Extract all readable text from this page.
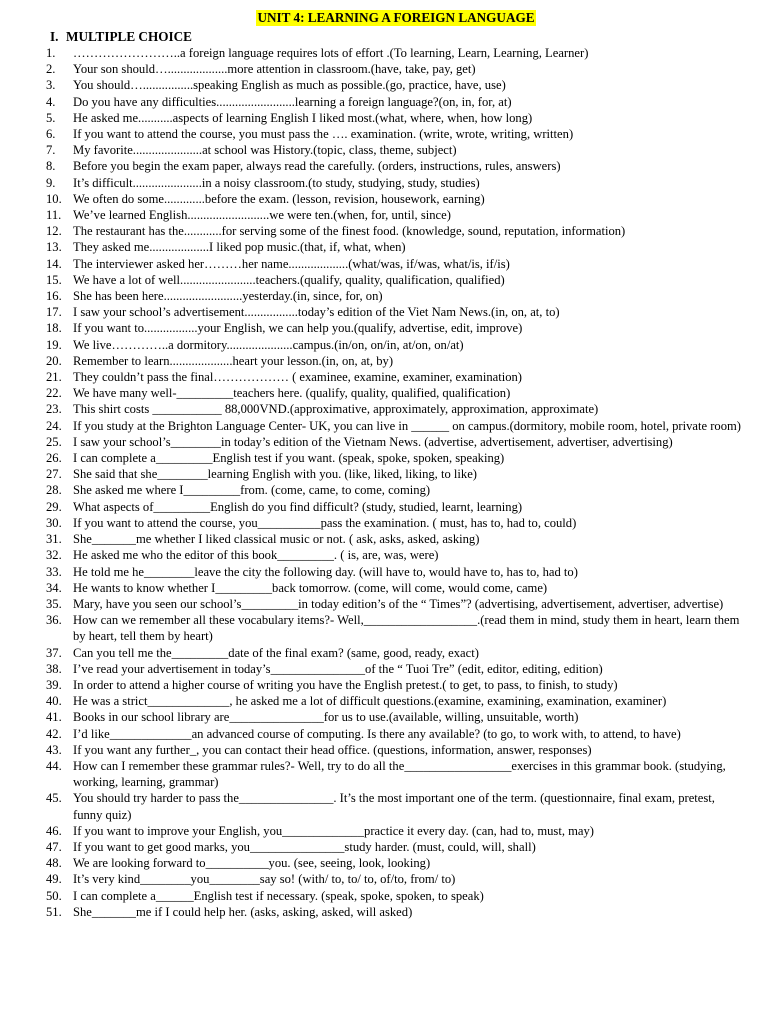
UNIT 4: LEARNING A FOREIGN LANGUAGE
I. MULTIPLE CHOICE
1. ……………………..a foreign language requires lots of effort .(To learning, Learn, Learning, Learner)
2. Your son should…...................more attention in classroom.(have, take, pay, get)
3. You should…................speaking English as much as possible.(go, practice, have, use)
4. Do you have any difficulties.........................learning a foreign language?(on, in, for, at)
5. He asked me...........aspects of learning English I liked most.(what, where, when, how long)
6. If you want to attend the course, you must pass the …. examination. (write, wrote, writing, written)
7. My favorite......................at school was History.(topic, class, theme, subject)
8. Before you begin the exam paper, always read the carefully. (orders, instructions, rules, answers)
9. It’s difficult......................in a noisy classroom.(to study, studying, study, studies)
10. We often do some.............before the exam. (lesson, revision, housework, earning)
11. We’ve learned English..........................we were ten.(when, for, until, since)
12. The restaurant has the............for serving some of the finest food. (knowledge, sound, reputation, information)
13. They asked me...................I liked pop music.(that, if, what, when)
14. The interviewer asked her………her name...................(what/was, if/was, what/is, if/is)
15. We have a lot of well........................teachers.(qualify, quality, qualification, qualified)
16. She has been here.........................yesterday.(in, since, for, on)
17. I saw your school’s advertisement.................today’s edition of the Viet Nam News.(in, on, at, to)
18. If you want to.................your English, we can help you.(qualify, advertise, edit, improve)
19. We live…………..a dormitory.....................campus.(in/on, on/in, at/on, on/at)
20. Remember to learn....................heart your lesson.(in, on, at, by)
21. They couldn’t pass the final……………… ( examinee, examine, examiner, examination)
22. We have many well-_________teachers here. (qualify, quality, qualified, qualification)
23. This shirt costs ___________ 88,000VND.(approximative, approximately, approximation, approximate)
24. If you study at the Brighton Language Center- UK, you can live in ______ on campus.(dormitory, mobile room, hotel, private room)
25. I saw your school’s________in today’s edition of the Vietnam News. (advertise, advertisement, advertiser, advertising)
26. I can complete a_________English test if you want. (speak, spoke, spoken, speaking)
27. She said that she________learning English with you. (like, liked, liking, to like)
28. She asked me where I_________from. (come, came, to come, coming)
29. What aspects of_________English do you find difficult? (study, studied, learnt, learning)
30. If you want to attend the course, you__________pass the examination. ( must, has to, had to, could)
31. She_______me whether I liked classical music or not. ( ask, asks, asked, asking)
32. He asked me who the editor of this book_________. ( is, are, was, were)
33. He told me he________leave the city the following day. (will have to, would have to, has to, had to)
34. He wants to know whether I_________back tomorrow. (come, will come, would come, came)
35. Mary, have you seen our school’s_________in today edition’s of the “ Times”? (advertising, advertisement, advertiser, advertise)
36. How can we remember all these vocabulary items?- Well,__________________.(read them in mind, study them in heart, learn them by heart, tell them by heart)
37. Can you tell me the_________date of the final exam? (same, good, ready, exact)
38. I’ve read your advertisement in today’s_______________of the “ Tuoi Tre” (edit, editor, editing, edition)
39. In order to attend a higher course of writing you have the English pretest.( to get, to pass, to finish, to study)
40. He was a strict_____________, he asked me a lot of difficult questions.(examine, examining, examination, examiner)
41. Books in our school library are_______________for us to use.(available, willing, unsuitable, worth)
42. I’d like_____________an advanced course of computing. Is there any available? (to go, to work with, to attend, to have)
43. If you want any further_, you can contact their head office. (questions, information, answer, responses)
44. How can I remember these grammar rules?- Well, try to do all the_________________exercises in this grammar book. (studying, working, learning, grammar)
45. You should try harder to pass the_______________. It’s the most important one of the term. (questionnaire, final exam, pretest, funny quiz)
46. If you want to improve your English, you_____________practice it every day. (can, had to, must, may)
47. If you want to get good marks, you_______________study harder. (must, could, will, shall)
48. We are looking forward to__________you. (see, seeing, look, looking)
49. It’s very kind________you________say so! (with/ to, to/ to, of/to, from/ to)
50. I can complete a______English test if necessary. (speak, spoke, spoken, to speak)
51. She_______me if I could help her. (asks, asking, asked, will asked)
